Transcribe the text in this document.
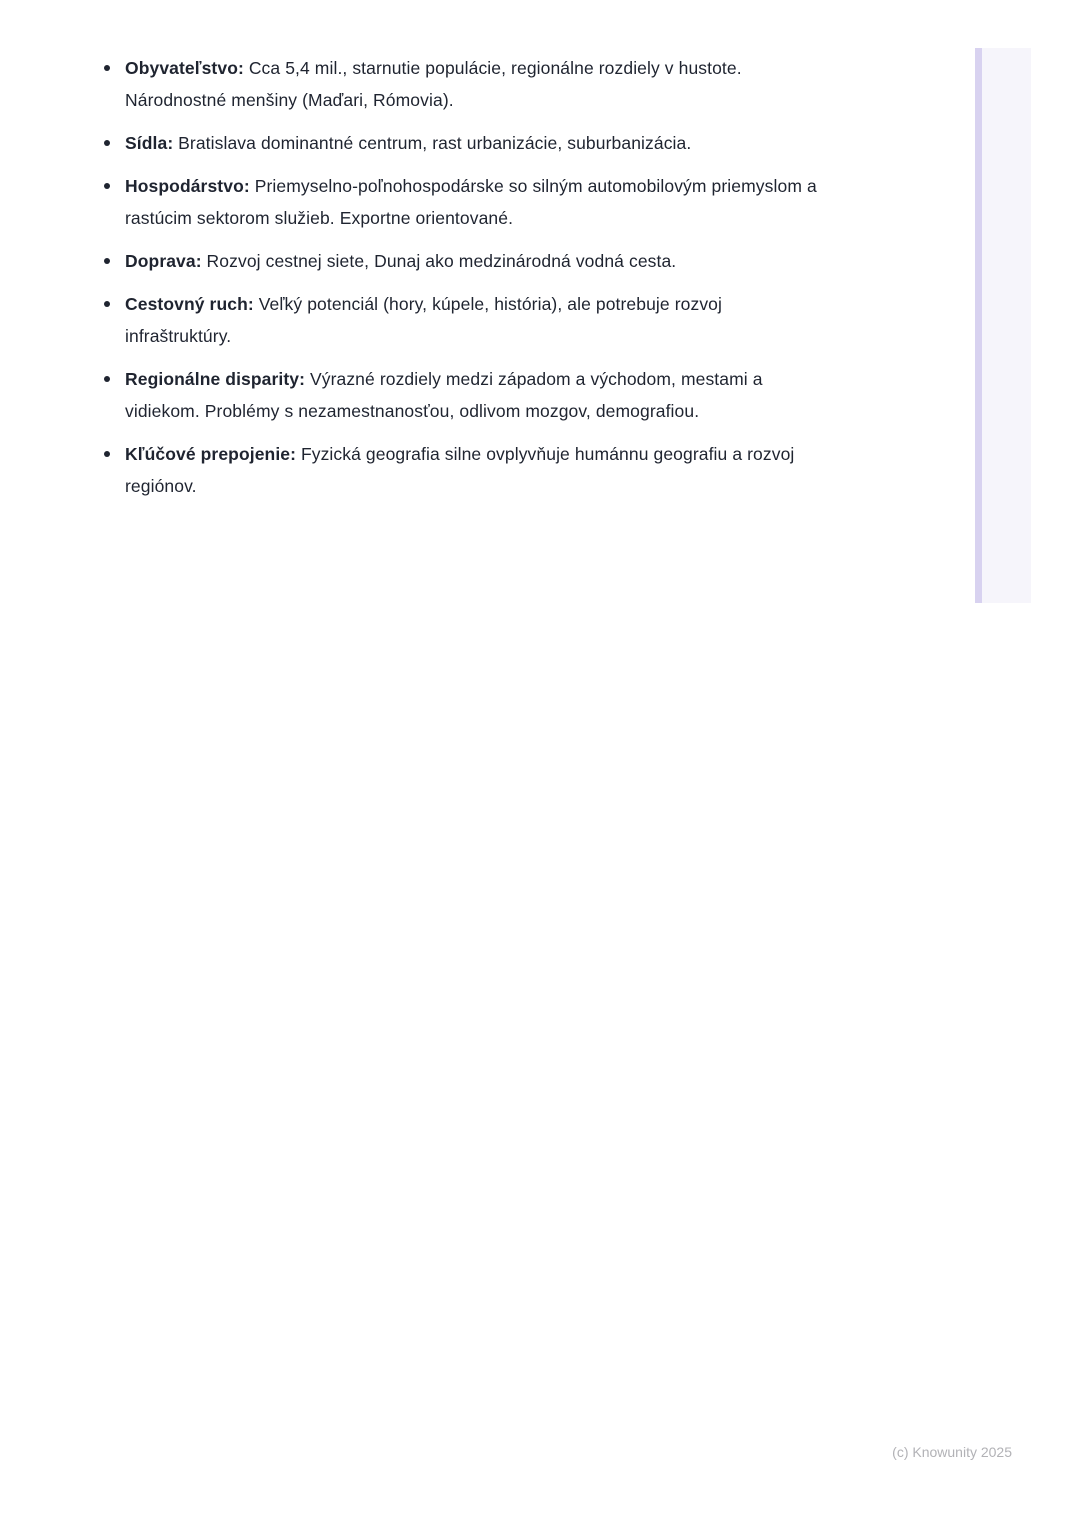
Obyvateľstvo: Cca 5,4 mil., starnutie populácie, regionálne rozdiely v hustote. Národnostné menšiny (Maďari, Rómovia).
Sídla: Bratislava dominantné centrum, rast urbanizácie, suburbanizácia.
Hospodárstvo: Priemyselno-poľnohospodárske so silným automobilovým priemyslom a rastúcim sektorom služieb. Exportne orientované.
Doprava: Rozvoj cestnej siete, Dunaj ako medzinárodná vodná cesta.
Cestovný ruch: Veľký potenciál (hory, kúpele, história), ale potrebuje rozvoj infraštruktúry.
Regionálne disparity: Výrazné rozdiely medzi západom a východom, mestami a vidiekom. Problémy s nezamestnanosťou, odlivom mozgov, demografiou.
Kľúčové prepojenie: Fyzická geografia silne ovplyvňuje humánnu geografiu a rozvoj regiónov.
(c) Knowunity 2025
